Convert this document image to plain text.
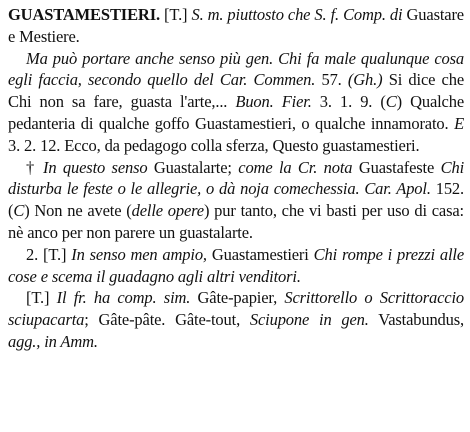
GUASTAMESTIERI. [T.] S. m. piuttosto che S. f. Comp. di Guastare e Mestiere.

Ma può portare anche senso più gen. Chi fa male qualunque cosa egli faccia, secondo quello del Car. Commen. 57. (Gh.) Si dice che Chi non sa fare, guasta l'arte,... Buon. Fier. 3. 1. 9. (C) Qualche pedanteria di qualche goffo Guastamestieri, o qualche innamorato. E 3. 2. 12. Ecco, da pedagogo colla sferza, Questo guastamestieri.

† In questo senso Guastalarte; come la Cr. nota Guastafeste Chi disturba le feste o le allegrie, o dà noja comechessia. Car. Apol. 152. (C) Non ne avete (delle opere) pur tanto, che vi basti per uso di casa: nè anco per non parere un guastalarte.

2. [T.] In senso men ampio, Guastamestieri Chi rompe i prezzi alle cose e scema il guadagno agli altri venditori.

[T.] Il fr. ha comp. sim. Gâte-papier, Scrittorello o Scrittoraccio sciupacarta; Gâte-pâte. Gâte-tout, Sciupone in gen. Vastabundus, agg., in Amm.
